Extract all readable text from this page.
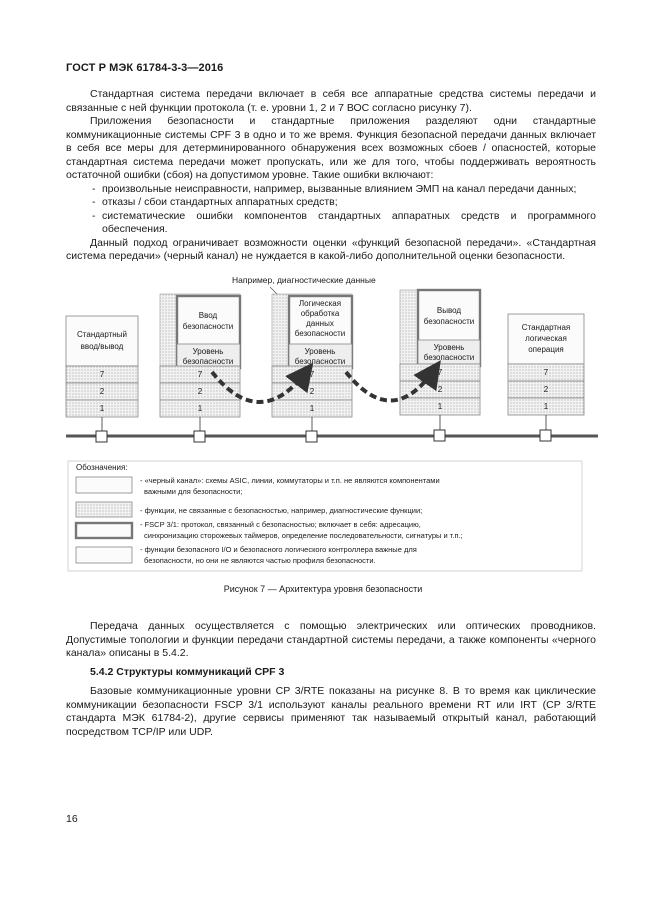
ГОСТ Р МЭК 61784-3-3—2016

Стандартная система передачи включает в себя все аппаратные средства системы передачи и связанные с ней функции протокола (т. е. уровни 1, 2 и 7 ВОС согласно рисунку 7).

Приложения безопасности и стандартные приложения разделяют одни стандартные коммуникационные системы CPF 3 в одно и то же время. Функция безопасной передачи данных включает в себя все меры для детерминированного обнаружения всех возможных сбоев / опасностей, которые стандартная система передачи может пропускать, или же для того, чтобы поддерживать вероятность остаточной ошибки (сбоя) на допустимом уровне. Такие ошибки включают:

- произвольные неисправности, например, вызванные влиянием ЭМП на канал передачи данных;
- отказы / сбои стандартных аппаратных средств;
- систематические ошибки компонентов стандартных аппаратных средств и программного обеспечения.

Данный подход ограничивает возможности оценки «функций безопасной передачи». «Стандартная система передачи» (черный канал) не нуждается в какой-либо дополнительной оценки безопасности.

Например, диагностические данные
Стандартный
ввод/вывод
7
2
1
Ввод
безопасности
Уровень
безопасности
7
2
1
Логическая
обработка
данных
безопасности
Уровень
безопасности
7
2
1
Вывод
безопасности
Уровень
безопасности
7
2
1
Стандартная
логическая
операция
7
2
1
Обозначения:
- «черный канал»: схемы ASIC, линии, коммутаторы и т.п. не являются компонентами
важными для безопасности;
- функции, не связанные с безопасностью, например, диагностические функции;
- FSCP 3/1: протокол, связанный с безопасностью; включает в себя: адресацию,
синхронизацию сторожевых таймеров, определение последовательности, сигнатуры и т.п.;
- функции безопасного I/O и безопасного логического контроллера важные для
безопасности, но они не являются частью профиля безопасности.
Рисунок 7 — Архитектура уровня безопасности

Передача данных осуществляется с помощью электрических или оптических проводников. Допустимые топологии и функции передачи стандартной системы передачи, а также компоненты «черного канала» описаны в 5.4.2.

5.4.2 Структуры коммуникаций CPF 3

Базовые коммуникационные уровни CP 3/RTE показаны на рисунке 8. В то время как циклические коммуникации безопасности FSCP 3/1 используют каналы реального времени RT или IRT (CP 3/RTE стандарта МЭК 61784-2), другие сервисы применяют так называемый открытый канал, работающий посредством TCP/IP или UDP.

16
